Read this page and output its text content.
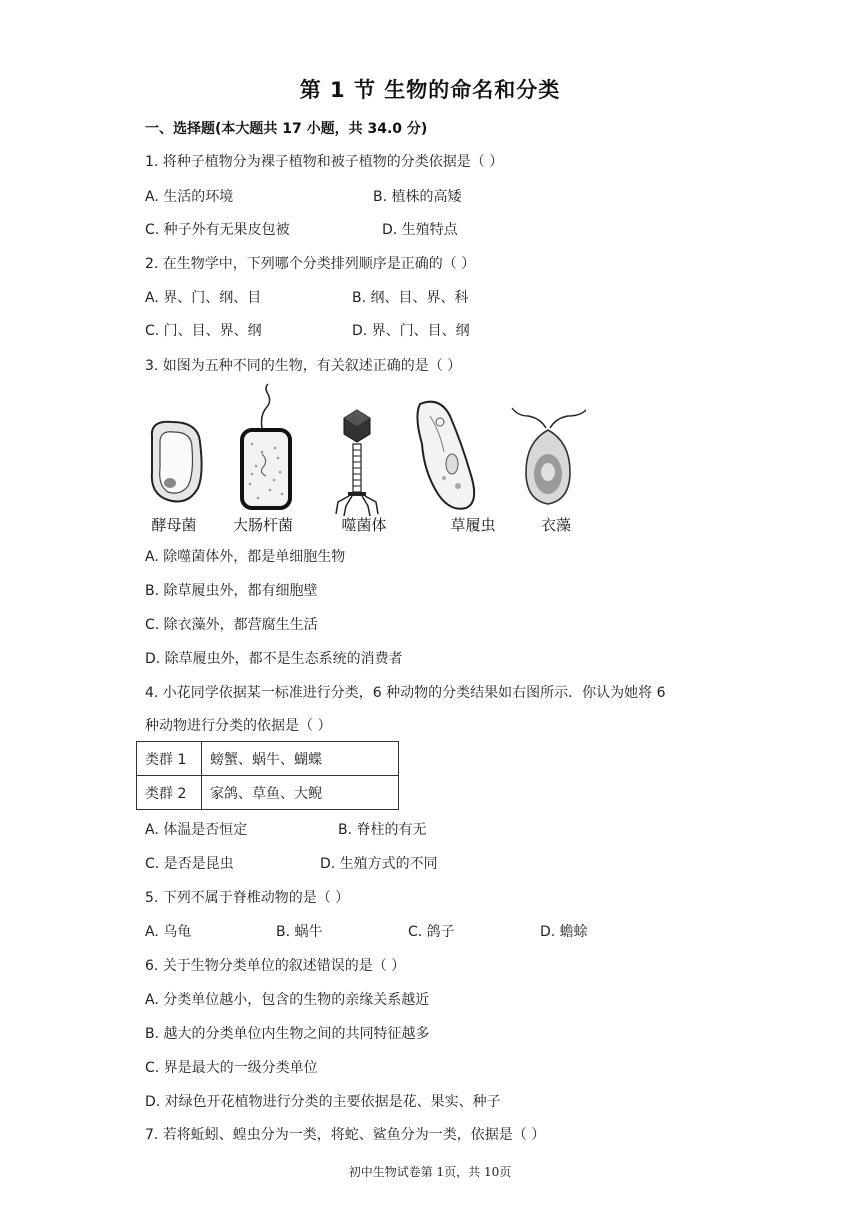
第 1 节 生物的命名和分类
一、选择题(本大题共 17 小题，共 34.0 分)
1. 将种子植物分为裸子植物和被子植物的分类依据是（ ）
A. 生活的环境	B. 植株的高矮
C. 种子外有无果皮包被	D. 生殖特点
2. 在生物学中，下列哪个分类排列顺序是正确的（ ）
A. 界、门、纲、目	B. 纲、目、界、科
C. 门、目、界、纲	D. 界、门、目、纲
3. 如图为五种不同的生物，有关叙述正确的是（ ）
酵母菌 大肠杆菌	噬菌体	草履虫	衣藻
A. 除噬菌体外，都是单细胞生物
B. 除草履虫外，都有细胞壁
C. 除衣藻外，都营腐生生活
D. 除草履虫外，都不是生态系统的消费者
4. 小花同学依据某一标准进行分类，6 种动物的分类结果如右图所示．你认为她将 6
种动物进行分类的依据是（ ）
类群 1	螃蟹、蜗牛、蝴蝶
类群 2	家鸽、草鱼、大鲵
A. 体温是否恒定	B. 脊柱的有无
C. 是否是昆虫	D. 生殖方式的不同
5. 下列不属于脊椎动物的是（ ）
A. 乌龟	B. 蜗牛	C. 鸽子	D. 蟾蜍
6. 关于生物分类单位的叙述错误的是（ ）
A. 分类单位越小，包含的生物的亲缘关系越近
B. 越大的分类单位内生物之间的共同特征越多
C. 界是最大的一级分类单位
D. 对绿色开花植物进行分类的主要依据是花、果实、种子
7. 若将蚯蚓、蝗虫分为一类，将蛇、鲨鱼分为一类，依据是（ ）
初中生物试卷第 1页，共 10页
